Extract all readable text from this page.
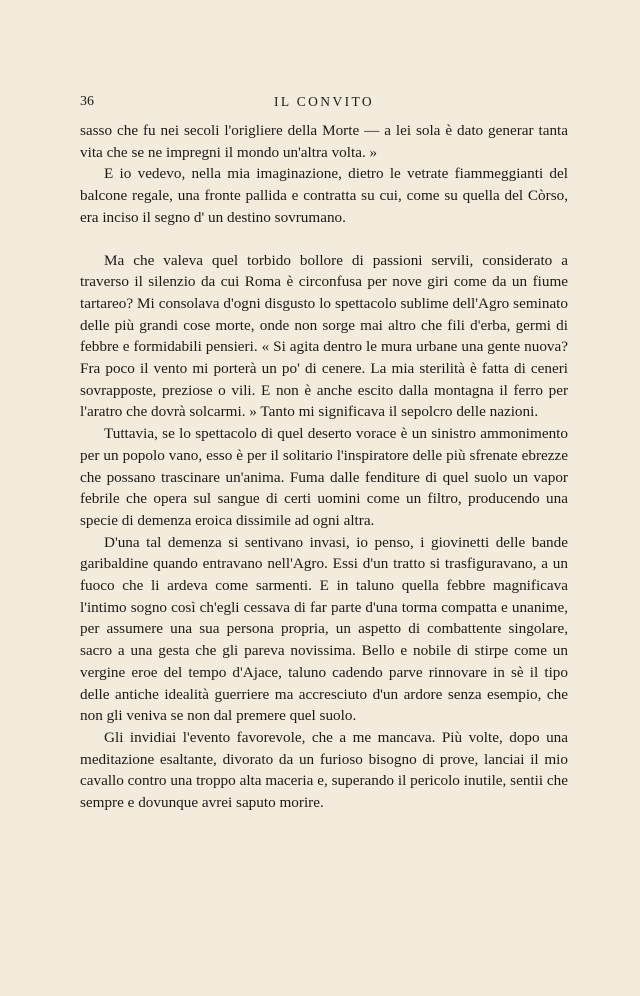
36	IL CONVITO

sasso che fu nei secoli l'origliere della Morte — a lei sola è dato generar tanta vita che se ne impregni il mondo un'altra volta. »

E io vedevo, nella mia imaginazione, dietro le vetrate fiammeggianti del balcone regale, una fronte pallida e contratta su cui, come su quella del Còrso, era inciso il segno d' un destino sovrumano.

Ma che valeva quel torbido bollore di passioni servili, considerato a traverso il silenzio da cui Roma è circonfusa per nove giri come da un fiume tartareo? Mi consolava d'ogni disgusto lo spettacolo sublime dell'Agro seminato delle più grandi cose morte, onde non sorge mai altro che fili d'erba, germi di febbre e formidabili pensieri. « Si agita dentro le mura urbane una gente nuova? Fra poco il vento mi porterà un po' di cenere. La mia sterilità è fatta di ceneri sovrapposte, preziose o vili. E non è anche escito dalla montagna il ferro per l'aratro che dovrà solcarmi. » Tanto mi significava il sepolcro delle nazioni.

Tuttavia, se lo spettacolo di quel deserto vorace è un sinistro ammonimento per un popolo vano, esso è per il solitario l'inspiratore delle più sfrenate ebrezze che possano trascinare un'anima. Fuma dalle fenditure di quel suolo un vapor febrile che opera sul sangue di certi uomini come un filtro, producendo una specie di demenza eroica dissimile ad ogni altra.

D'una tal demenza si sentivano invasi, io penso, i giovinetti delle bande garibaldine quando entravano nell'Agro. Essi d'un tratto si trasfiguravano, a un fuoco che li ardeva come sarmenti. E in taluno quella febbre magnificava l'intimo sogno così ch'egli cessava di far parte d'una torma compatta e unanime, per assumere una sua persona propria, un aspetto di combattente singolare, sacro a una gesta che gli pareva novissima. Bello e nobile di stirpe come un vergine eroe del tempo d'Ajace, taluno cadendo parve rinnovare in sè il tipo delle antiche idealità guerriere ma accresciuto d'un ardore senza esempio, che non gli veniva se non dal premere quel suolo.

Gli invidiai l'evento favorevole, che a me mancava. Più volte, dopo una meditazione esaltante, divorato da un furioso bisogno di prove, lanciai il mio cavallo contro una troppo alta maceria e, superando il pericolo inutile, sentii che sempre e dovunque avrei saputo morire.
